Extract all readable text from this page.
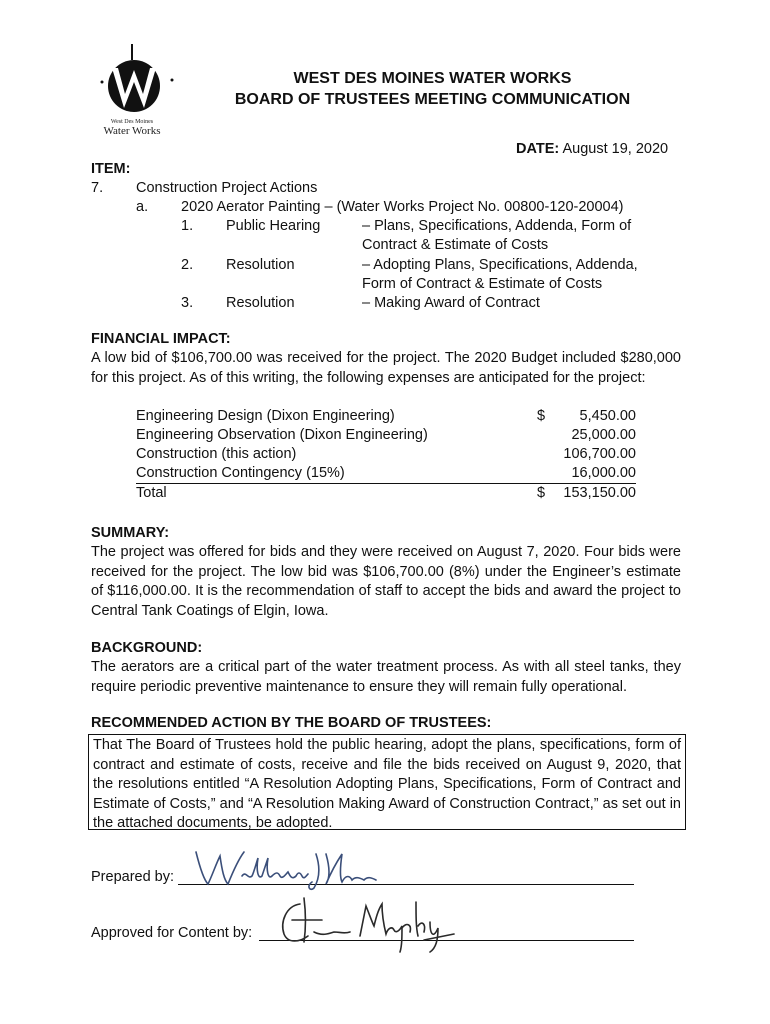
West Des Moines
Water Works
WEST DES MOINES WATER WORKS
BOARD OF TRUSTEES MEETING COMMUNICATION
DATE: August 19, 2020
ITEM:
7. Construction Project Actions
a. 2020 Aerator Painting – (Water Works Project No. 00800-120-20004)
1. Public Hearing	– Plans, Specifications, Addenda, Form of
Contract & Estimate of Costs
2. Resolution	– Adopting Plans, Specifications, Addenda,
Form of Contract & Estimate of Costs
3. Resolution	– Making Award of Contract
FINANCIAL IMPACT:
A low bid of $106,700.00 was received for the project. The 2020 Budget included $280,000 for this project. As of this writing, the following expenses are anticipated for the project:
Engineering Design (Dixon Engineering)	$ 5,450.00
Engineering Observation (Dixon Engineering)	25,000.00
Construction (this action)	106,700.00
Construction Contingency (15%)	16,000.00
Total	$ 153,150.00
SUMMARY:
The project was offered for bids and they were received on August 7, 2020. Four bids were received for the project. The low bid was $106,700.00 (8%) under the Engineer’s estimate of $116,000.00. It is the recommendation of staff to accept the bids and award the project to Central Tank Coatings of Elgin, Iowa.
BACKGROUND:
The aerators are a critical part of the water treatment process. As with all steel tanks, they require periodic preventive maintenance to ensure they will remain fully operational.
RECOMMENDED ACTION BY THE BOARD OF TRUSTEES:

That The Board of Trustees hold the public hearing, adopt the plans, specifications, form of contract and estimate of costs, receive and file the bids received on August 9, 2020, that the resolutions entitled “A Resolution Adopting Plans, Specifications, Form of Contract and Estimate of Costs,” and “A Resolution Making Award of Construction Contract,” as set out in the attached documents, be adopted.

Prepared by:
Approved for Content by:
